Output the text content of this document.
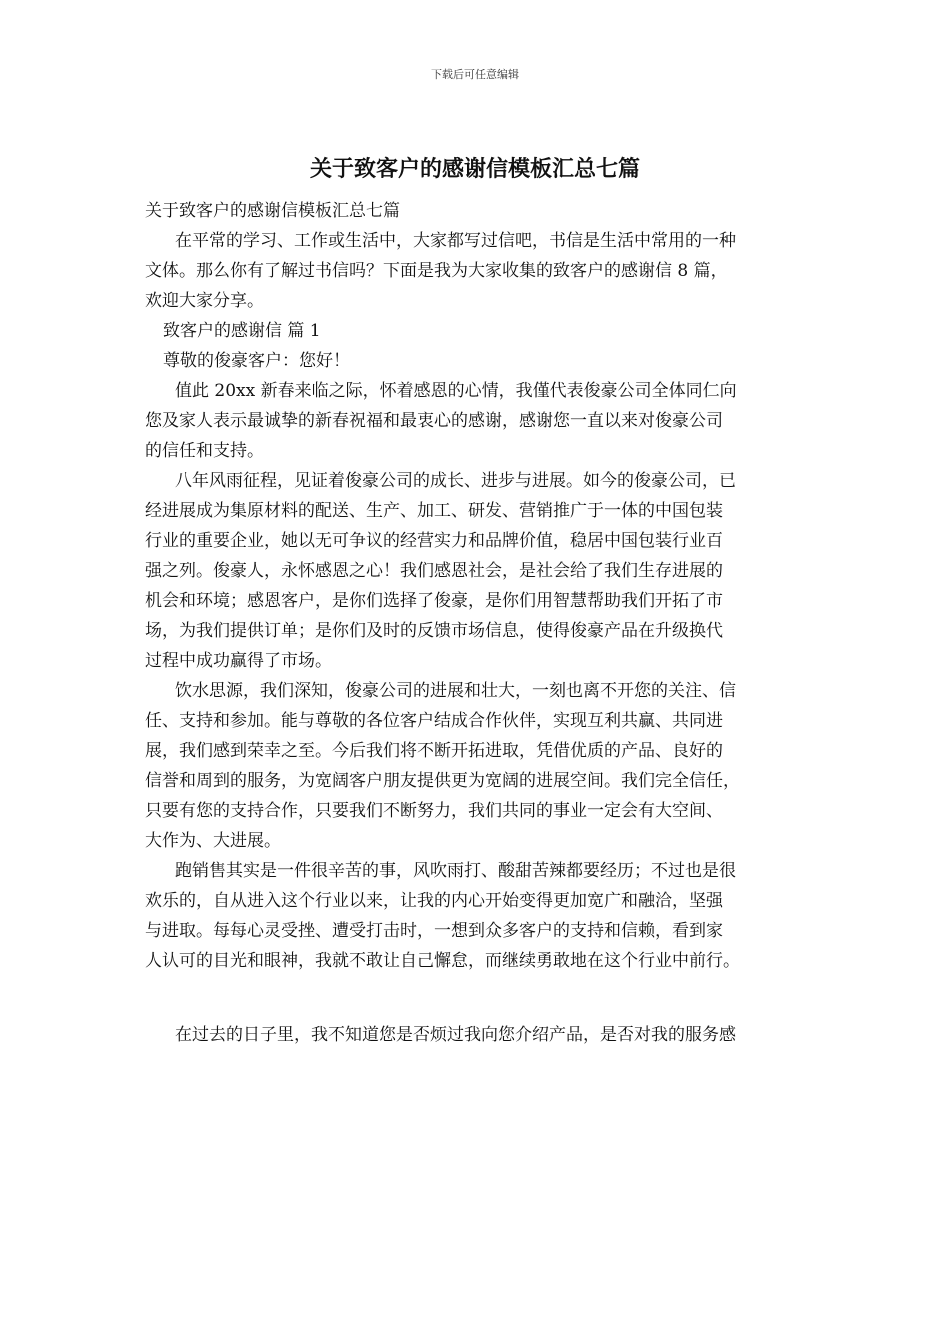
下载后可任意编辑
关于致客户的感谢信模板汇总七篇

关于致客户的感谢信模板汇总七篇

在平常的学习、工作或生活中，大家都写过信吧，书信是生活中常用的一种

文体。那么你有了解过书信吗？下面是我为大家收集的致客户的感谢信 8 篇，

欢迎大家分享。

致客户的感谢信 篇 1

尊敬的俊豪客户：您好！

值此 20xx 新春来临之际，怀着感恩的心情，我僅代表俊豪公司全体同仁向

您及家人表示最诚挚的新春祝福和最衷心的感谢，感谢您一直以来对俊豪公司

的信任和支持。

八年风雨征程，见证着俊豪公司的成长、进步与进展。如今的俊豪公司，已

经进展成为集原材料的配送、生产、加工、研发、营销推广于一体的中国包装

行业的重要企业，她以无可争议的经营实力和品牌价值，稳居中国包装行业百

强之列。俊豪人，永怀感恩之心！我们感恩社会，是社会给了我们生存进展的

机会和环境；感恩客户，是你们选择了俊豪，是你们用智慧帮助我们开拓了市

场，为我们提供订单；是你们及时的反馈市场信息，使得俊豪产品在升级换代

过程中成功赢得了市场。

饮水思源，我们深知，俊豪公司的进展和壮大，一刻也离不开您的关注、信

任、支持和参加。能与尊敬的各位客户结成合作伙伴，实现互利共赢、共同进

展，我们感到荣幸之至。今后我们将不断开拓进取，凭借优质的产品、良好的

信誉和周到的服务，为宽阔客户朋友提供更为宽阔的进展空间。我们完全信任，

只要有您的支持合作，只要我们不断努力，我们共同的事业一定会有大空间、

大作为、大进展。

跑销售其实是一件很辛苦的事，风吹雨打、酸甜苦辣都要经历；不过也是很

欢乐的，自从进入这个行业以来，让我的内心开始变得更加宽广和融洽，坚强

与进取。每每心灵受挫、遭受打击时，一想到众多客户的支持和信赖，看到家

人认可的目光和眼神，我就不敢让自己懈怠，而继续勇敢地在这个行业中前行。

在过去的日子里，我不知道您是否烦过我向您介绍产品，是否对我的服务感
